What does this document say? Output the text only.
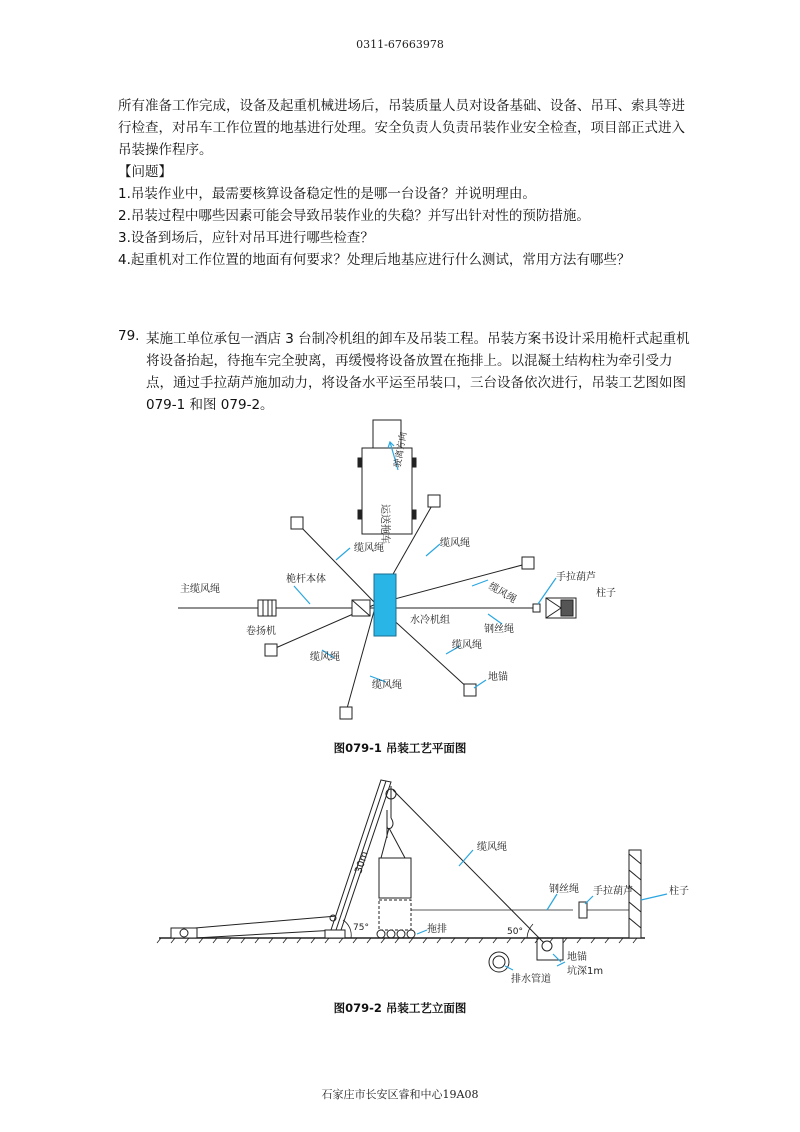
0311-67663978

所有准备工作完成，设备及起重机械进场后，吊装质量人员对设备基础、设备、吊耳、索具等进行检查，对吊车工作位置的地基进行处理。安全负责人负责吊装作业安全检查，项目部正式进入吊装操作程序。

【问题】

1.吊装作业中，最需要核算设备稳定性的是哪一台设备？并说明理由。

2.吊装过程中哪些因素可能会导致吊装作业的失稳？并写出针对性的预防措施。

3.设备到场后，应针对吊耳进行哪些检查？

4.起重机对工作位置的地面有何要求？处理后地基应进行什么测试，常用方法有哪些？

79. 某施工单位承包一酒店 3 台制冷机组的卸车及吊装工程。吊装方案书设计采用桅杆式起重机将设备抬起，待拖车完全驶离，再缓慢将设备放置在拖排上。以混凝土结构柱为牵引受力点，通过手拉葫芦施加动力，将设备水平运至吊装口，三台设备依次进行，吊装工艺图如图 079-1 和图 079-2。
运送拖车
驶离方向
缆风绳	缆风绳
缆风绳
缆风绳
缆风绳
缆风绳
主缆风绳
桅杆本体
卷扬机
水冷机组
钢丝绳
手拉葫芦
柱子
地锚
图079-1 吊装工艺平面图
30m
缆风绳
钢丝绳 手拉葫芦	柱子
75°	50°
拖排
地锚
坑深1m
排水管道
图079-2 吊装工艺立面图
石家庄市长安区睿和中心19A08
